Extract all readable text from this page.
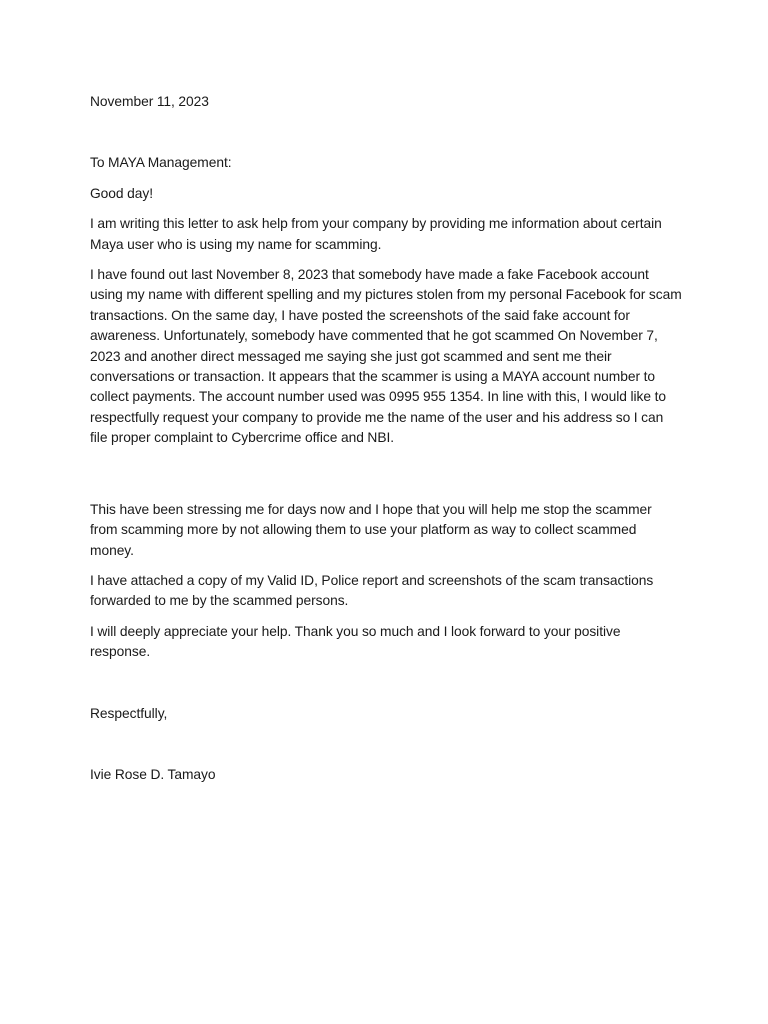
November 11, 2023

To MAYA Management:

Good day!

I am writing this letter to ask help from your company by providing me information about certain Maya user who is using my name for scamming.

I have found out last November 8, 2023 that somebody have made a fake Facebook account using my name with different spelling and my pictures stolen from my personal Facebook for scam transactions. On the same day, I have posted the screenshots of the said fake account for awareness. Unfortunately, somebody have commented that he got scammed On November 7, 2023 and another direct messaged me saying she just got scammed and sent me their conversations or transaction. It appears that the scammer is using a MAYA account number to collect payments. The account number used was 0995 955 1354. In line with this, I would like to respectfully request your company to provide me the name of the user and his address so I can file proper complaint to Cybercrime office and NBI.

This have been stressing me for days now and I hope that you will help me stop the scammer from scamming more by not allowing them to use your platform as way to collect scammed money.

I have attached a copy of my Valid ID, Police report and screenshots of the scam transactions forwarded to me by the scammed persons.

I will deeply appreciate your help. Thank you so much and I look forward to your positive response.

Respectfully,

Ivie Rose D. Tamayo
